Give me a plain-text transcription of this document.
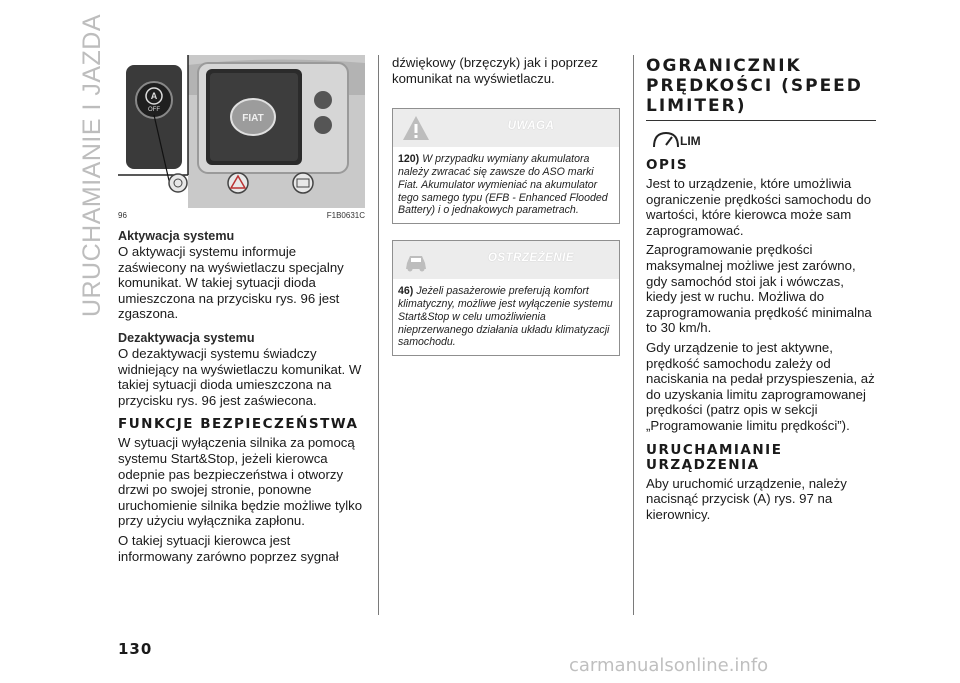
URUCHAMIANIE I JAZDA	FIAT
A
OFF
96	F1B0631C
Aktywacja systemu

O aktywacji systemu informuje zaświecony na wyświetlaczu specjalny komunikat. W takiej sytuacji dioda umieszczona na przycisku rys. 96 jest zgaszona.

Dezaktywacja systemu

O dezaktywacji systemu świadczy widniejący na wyświetlaczu komunikat. W takiej sytuacji dioda umieszczona na przycisku rys. 96 jest zaświecona.

FUNKCJE BEZPIECZEŃSTWA

W sytuacji wyłączenia silnika za pomocą systemu Start&Stop, jeżeli kierowca odepnie pas bezpieczeństwa i otworzy drzwi po swojej stronie, ponowne uruchomienie silnika będzie możliwe tylko przy użyciu wyłącznika zapłonu.

O takiej sytuacji kierowca jest informowany zarówno poprzez sygnał

dźwiękowy (brzęczyk) jak i poprzez komunikat na wyświetlaczu.

UWAGA
120) W przypadku wymiany akumulatora należy zwracać się zawsze do ASO marki Fiat. Akumulator wymieniać na akumulator tego samego typu (EFB - Enhanced Flooded Battery) i o jednakowych parametrach.
OSTRZEŻENIE
46) Jeżeli pasażerowie preferują komfort klimatyczny, możliwe jest wyłączenie systemu Start&Stop w celu umożliwienia nieprzerwanego działania układu klimatyzacji samochodu.
OGRANICZNIK PRĘDKOŚCI (SPEED LIMITER)
LIM
OPIS

Jest to urządzenie, które umożliwia ograniczenie prędkości samochodu do wartości, które kierowca może sam zaprogramować.

Zaprogramowanie prędkości maksymalnej możliwe jest zarówno, gdy samochód stoi jak i wówczas, kiedy jest w ruchu. Możliwa do zaprogramowania prędkość minimalna to 30 km/h.

Gdy urządzenie to jest aktywne, prędkość samochodu zależy od naciskania na pedał przyspieszenia, aż do uzyskania limitu zaprogramowanej prędkości (patrz opis w sekcji „Programowanie limitu prędkości”).

URUCHAMIANIE URZĄDZENIA

Aby uruchomić urządzenie, należy nacisnąć przycisk (A) rys. 97 na kierownicy.

130
carmanualsonline.info
